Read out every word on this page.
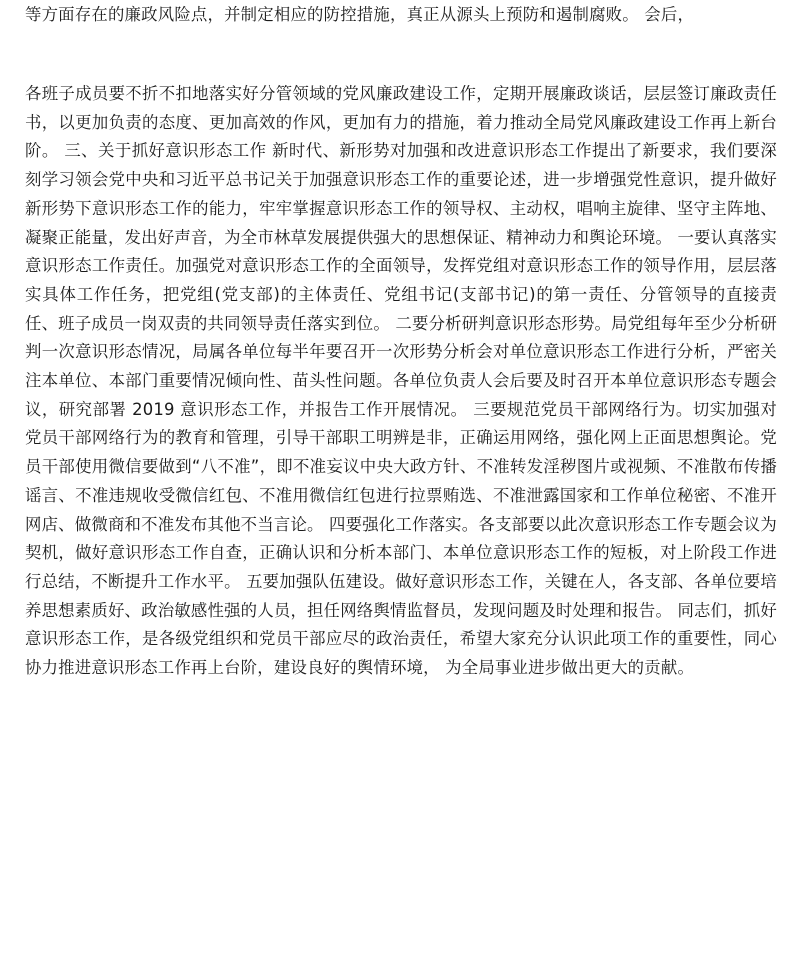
等方面存在的廉政风险点，并制定相应的防控措施，真正从源头上预防和遏制腐败。 会后，

各班子成员要不折不扣地落实好分管领域的党风廉政建设工作，定期开展廉政谈话，层层签订廉政责任书，以更加负责的态度、更加高效的作风，更加有力的措施，着力推动全局党风廉政建设工作再上新台阶。 三、关于抓好意识形态工作 新时代、新形势对加强和改进意识形态工作提出了新要求，我们要深刻学习领会党中央和习近平总书记关于加强意识形态工作的重要论述，进一步增强党性意识，提升做好新形势下意识形态工作的能力，牢牢掌握意识形态工作的领导权、主动权，唱响主旋律、坚守主阵地、凝聚正能量，发出好声音，为全市林草发展提供强大的思想保证、精神动力和舆论环境。 一要认真落实意识形态工作责任。加强党对意识形态工作的全面领导，发挥党组对意识形态工作的领导作用，层层落实具体工作任务，把党组(党支部)的主体责任、党组书记(支部书记)的第一责任、分管领导的直接责任、班子成员一岗双责的共同领导责任落实到位。 二要分析研判意识形态形势。局党组每年至少分析研判一次意识形态情况，局属各单位每半年要召开一次形势分析会对单位意识形态工作进行分析，严密关注本单位、本部门重要情况倾向性、苗头性问题。各单位负责人会后要及时召开本单位意识形态专题会议，研究部署 2019 意识形态工作，并报告工作开展情况。 三要规范党员干部网络行为。切实加强对党员干部网络行为的教育和管理，引导干部职工明辨是非，正确运用网络，强化网上正面思想舆论。党员干部使用微信要做到“八不准”，即不准妄议中央大政方针、不准转发淫秽图片或视频、不准散布传播谣言、不准违规收受微信红包、不准用微信红包进行拉票贿选、不准泄露国家和工作单位秘密、不准开网店、做微商和不准发布其他不当言论。 四要强化工作落实。各支部要以此次意识形态工作专题会议为契机，做好意识形态工作自查，正确认识和分析本部门、本单位意识形态工作的短板，对上阶段工作进行总结，不断提升工作水平。 五要加强队伍建设。做好意识形态工作，关键在人，各支部、各单位要培养思想素质好、政治敏感性强的人员，担任网络舆情监督员，发现问题及时处理和报告。 同志们，抓好意识形态工作，是各级党组织和党员干部应尽的政治责任，希望大家充分认识此项工作的重要性，同心协力推进意识形态工作再上台阶，建设良好的舆情环境， 为全局事业进步做出更大的贡献。
